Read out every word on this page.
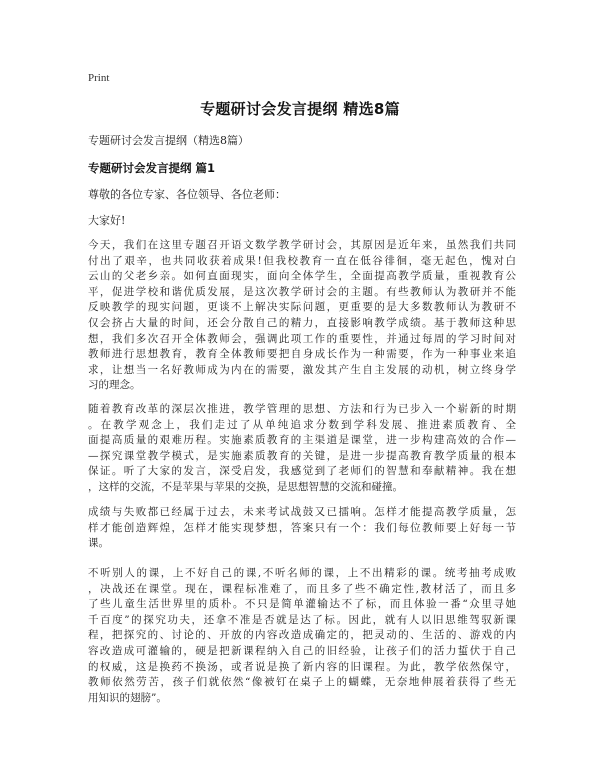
Print
专题研讨会发言提纲 精选8篇
专题研讨会发言提纲（精选8篇）
专题研讨会发言提纲 篇1
尊敬的各位专家、各位领导、各位老师：
大家好!
今天，我们在这里专题召开语文数学教学研讨会，其原因是近年来，虽然我们共同
付出了艰辛，也共同收获着成果!但我校教育一直在低谷徘徊，毫无起色，愧对白
云山的父老乡亲。如何直面现实，面向全体学生，全面提高教学质量，重视教育公
平，促进学校和谐优质发展，是这次教学研讨会的主题。有些教师认为教研并不能
反映教学的现实问题，更谈不上解决实际问题，更重要的是大多数教师认为教研不
仅会挤占大量的时间，还会分散自己的精力，直接影响教学成绩。基于教师这种思
想，我们多次召开全体教师会，强调此项工作的重要性，并通过每周的学习时间对
教师进行思想教育，教育全体教师要把自身成长作为一种需要，作为一种事业来追
求，让想当一名好教师成为内在的需要，激发其产生自主发展的动机，树立终身学
习的理念。
随着教育改革的深层次推进，教学管理的思想、方法和行为已步入一个崭新的时期
。在教学观念上，我们走过了从单纯追求分数到学科发展、推进素质教育、全
面提高质量的艰难历程。实施素质教育的主渠道是课堂，进一步构建高效的合作—
—探究课堂教学模式，是实施素质教育的关键，是进一步提高教育教学质量的根本
保证。听了大家的发言，深受启发，我感觉到了老师们的智慧和奉献精神。我在想
，这样的交流，不是苹果与苹果的交换，是思想智慧的交流和碰撞。
成绩与失败都已经属于过去，未来考试战鼓又已擂响。怎样才能提高教学质量，怎
样才能创造辉煌，怎样才能实现梦想，答案只有一个：我们每位教师要上好每一节
课。
不听别人的课，上不好自己的课,不听名师的课，上不出精彩的课。统考抽考成败
，决战还在课堂。现在，课程标准难了，而且多了些不确定性,教材活了，而且多
了些儿童生活世界里的质朴。不只是简单灌输达不了标，而且体验一番“众里寻她
千百度”的探究功夫，还拿不准是否就是达了标。因此，就有人以旧思维驾驭新课
程，把探究的、讨论的、开放的内容改造成确定的，把灵动的、生活的、游戏的内
容改造成可灌输的，硬是把新课程纳入自己的旧经验，让孩子们的活力蜇伏于自己
的权威，这是换药不换汤，或者说是换了新内容的旧课程。为此，教学依然保守，
教师依然劳苦，孩子们就依然“像被钉在桌子上的蝴蝶，无奈地伸展着获得了些无
用知识的翅膀”。
